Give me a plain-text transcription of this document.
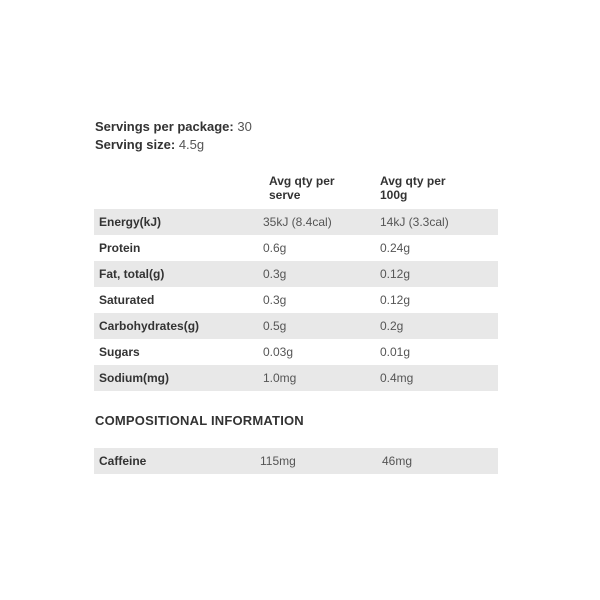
Servings per package: 30
Serving size: 4.5g
Avg qty per
serve
Avg qty per
100g
Energy(kJ)	35kJ (8.4cal)	14kJ (3.3cal)
Protein	0.6g	0.24g
Fat, total(g)	0.3g	0.12g
Saturated	0.3g	0.12g
Carbohydrates(g)	0.5g	0.2g
Sugars	0.03g	0.01g
Sodium(mg)	1.0mg	0.4mg
COMPOSITIONAL INFORMATION
Caffeine	115mg	46mg
